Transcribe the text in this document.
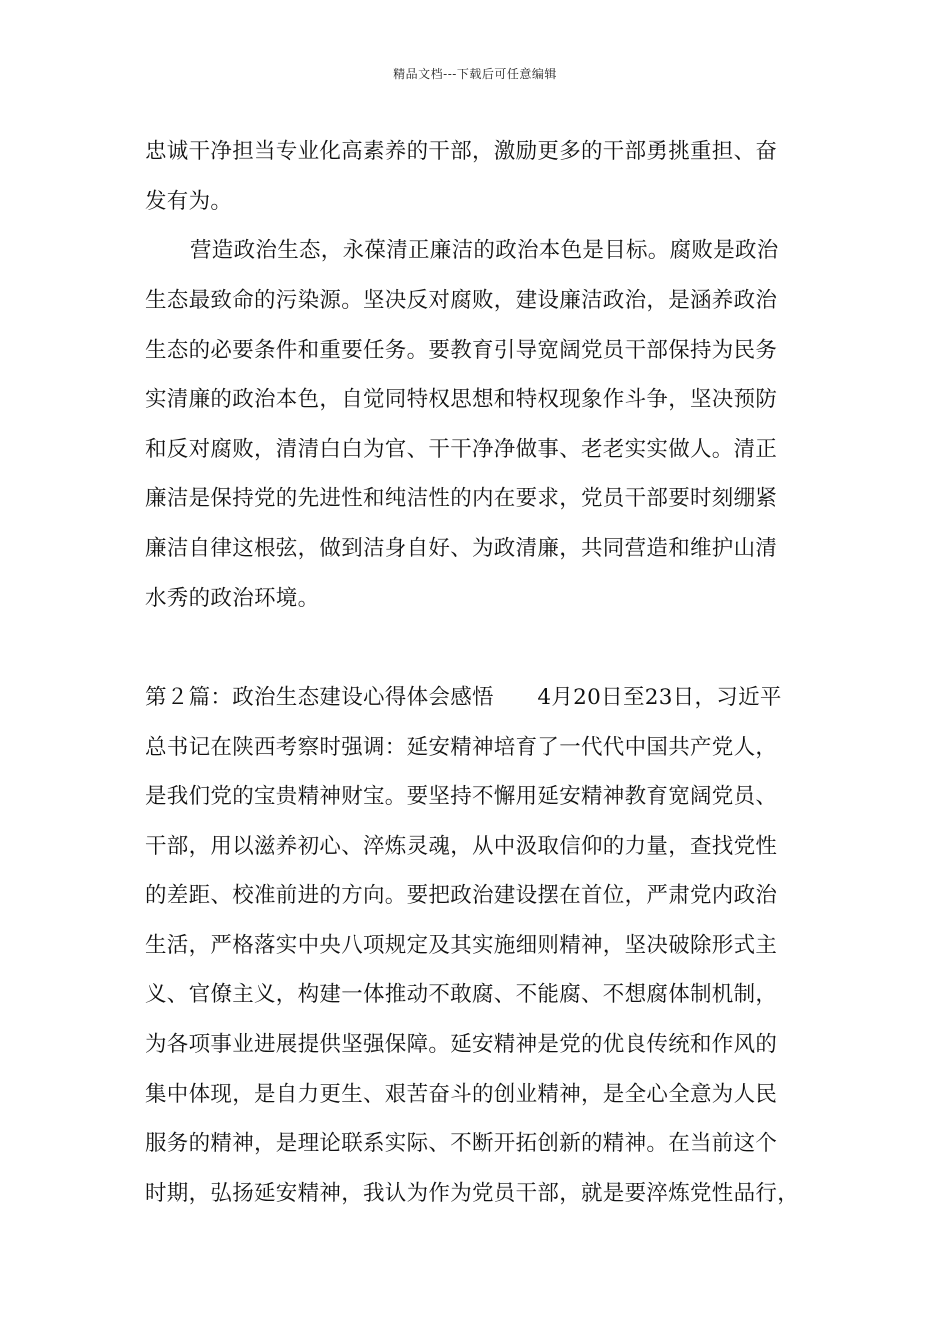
精品文档---下载后可任意编辑
忠诚干净担当专业化高素养的干部，激励更多的干部勇挑重担、奋
发有为。
营造政治生态，永葆清正廉洁的政治本色是目标。腐败是政治
生态最致命的污染源。坚决反对腐败，建设廉洁政治，是涵养政治
生态的必要条件和重要任务。要教育引导宽阔党员干部保持为民务
实清廉的政治本色，自觉同特权思想和特权现象作斗争，坚决预防
和反对腐败，清清白白为官、干干净净做事、老老实实做人。清正
廉洁是保持党的先进性和纯洁性的内在要求，党员干部要时刻绷紧
廉洁自律这根弦，做到洁身自好、为政清廉，共同营造和维护山清
水秀的政治环境。
第２篇：政治生态建设心得体会感悟　　4月20日至23日，习近平
总书记在陕西考察时强调：延安精神培育了一代代中国共产党人，
是我们党的宝贵精神财宝。要坚持不懈用延安精神教育宽阔党员、
干部，用以滋养初心、淬炼灵魂，从中汲取信仰的力量，查找党性
的差距、校准前进的方向。要把政治建设摆在首位，严肃党内政治
生活，严格落实中央八项规定及其实施细则精神，坚决破除形式主
义、官僚主义，构建一体推动不敢腐、不能腐、不想腐体制机制，
为各项事业进展提供坚强保障。延安精神是党的优良传统和作风的
集中体现，是自力更生、艰苦奋斗的创业精神，是全心全意为人民
服务的精神，是理论联系实际、不断开拓创新的精神。在当前这个
时期，弘扬延安精神，我认为作为党员干部，就是要淬炼党性品行，
